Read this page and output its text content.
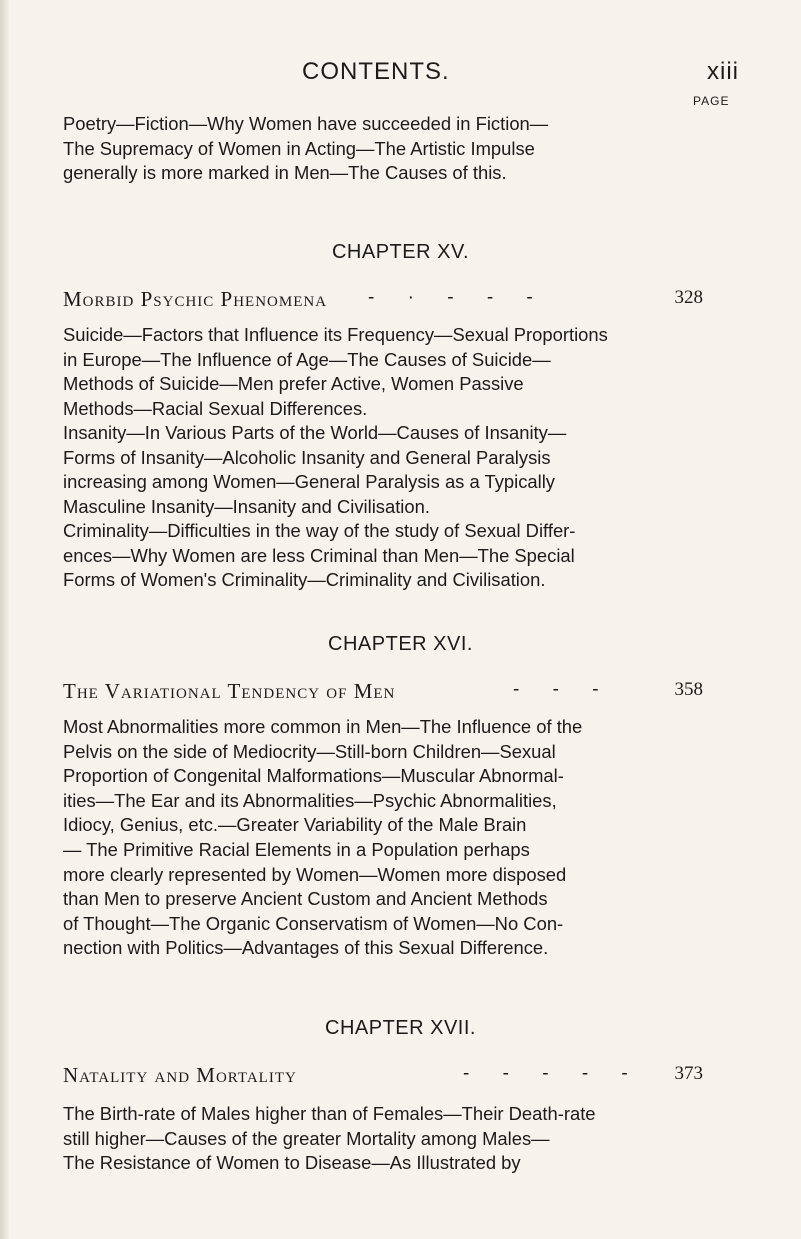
CONTENTS.	xiii
PAGE
Poetry—Fiction—Why Women have succeeded in Fiction—
The Supremacy of Women in Acting—The Artistic Impulse
generally is more marked in Men—The Causes of this.
CHAPTER XV.
Morbid Psychic Phenomena - · - - -	328
Suicide—Factors that Influence its Frequency—Sexual Proportions
in Europe—The Influence of Age—The Causes of Suicide—
Methods of Suicide—Men prefer Active, Women Passive
Methods—Racial Sexual Differences.
Insanity—In Various Parts of the World—Causes of Insanity—
Forms of Insanity—Alcoholic Insanity and General Paralysis
increasing among Women—General Paralysis as a Typically
Masculine Insanity—Insanity and Civilisation.
Criminality—Difficulties in the way of the study of Sexual Differ-
ences—Why Women are less Criminal than Men—The Special
Forms of Women's Criminality—Criminality and Civilisation.
CHAPTER XVI.
The Variational Tendency of Men	- - -	358
Most Abnormalities more common in Men—The Influence of the
Pelvis on the side of Mediocrity—Still-born Children—Sexual
Proportion of Congenital Malformations—Muscular Abnormal-
ities—The Ear and its Abnormalities—Psychic Abnormalities,
Idiocy, Genius, etc.—Greater Variability of the Male Brain
— The Primitive Racial Elements in a Population perhaps
more clearly represented by Women—Women more disposed
than Men to preserve Ancient Custom and Ancient Methods
of Thought—The Organic Conservatism of Women—No Con-
nection with Politics—Advantages of this Sexual Difference.
CHAPTER XVII.
Natality and Mortality	- - - - - 373
The Birth-rate of Males higher than of Females—Their Death-rate
still higher—Causes of the greater Mortality among Males—
The Resistance of Women to Disease—As Illustrated by
